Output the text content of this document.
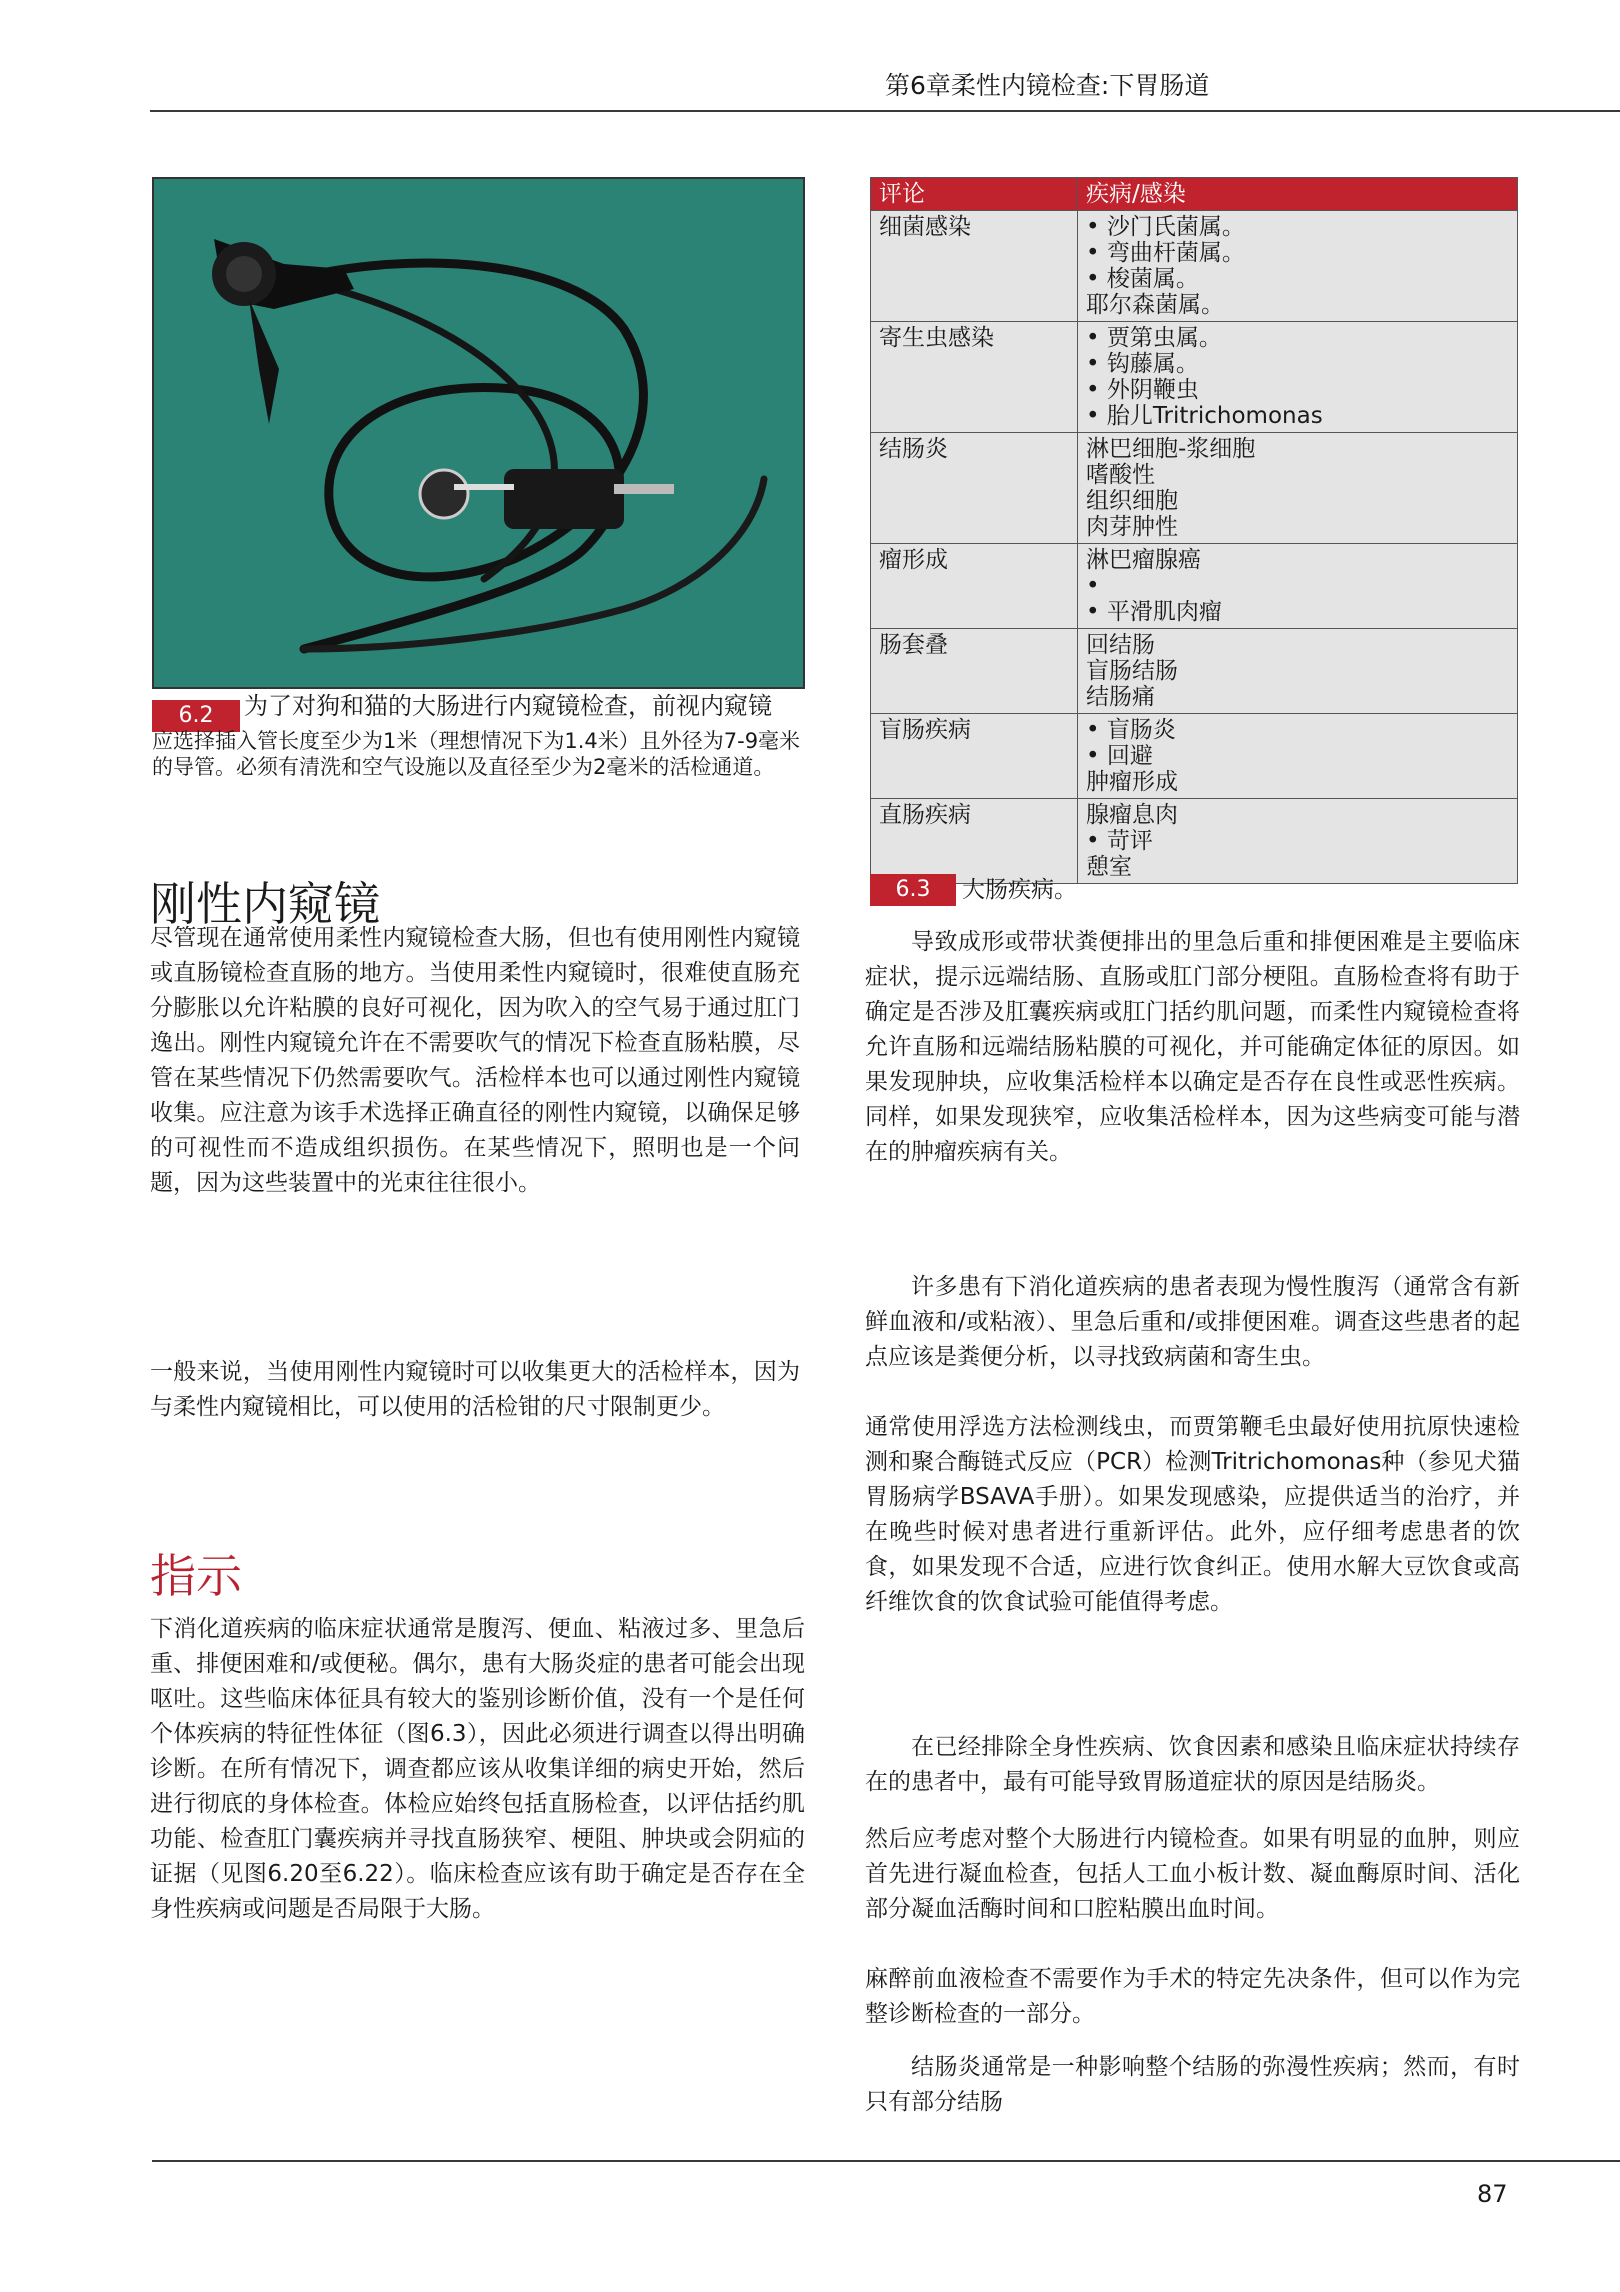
第6章柔性内镜检查:下胃肠道
6.2	为了对狗和猫的大肠进行内窥镜检查，前视内窥镜
应选择插入管长度至少为1米（理想情况下为1.4米）且外径为7-9毫米的导管。必须有清洗和空气设施以及直径至少为2毫米的活检通道。
刚性内窥镜
尽管现在通常使用柔性内窥镜检查大肠，但也有使用刚性内窥镜或直肠镜检查直肠的地方。当使用柔性内窥镜时，很难使直肠充分膨胀以允许粘膜的良好可视化，因为吹入的空气易于通过肛门逸出。刚性内窥镜允许在不需要吹气的情况下检查直肠粘膜，尽管在某些情况下仍然需要吹气。活检样本也可以通过刚性内窥镜收集。应注意为该手术选择正确直径的刚性内窥镜，以确保足够的可视性而不造成组织损伤。在某些情况下，照明也是一个问题，因为这些装置中的光束往往很小。
一般来说，当使用刚性内窥镜时可以收集更大的活检样本，因为与柔性内窥镜相比，可以使用的活检钳的尺寸限制更少。
指示
下消化道疾病的临床症状通常是腹泻、便血、粘液过多、里急后重、排便困难和/或便秘。偶尔，患有大肠炎症的患者可能会出现呕吐。这些临床体征具有较大的鉴别诊断价值，没有一个是任何个体疾病的特征性体征（图6.3），因此必须进行调查以得出明确诊断。在所有情况下，调查都应该从收集详细的病史开始，然后进行彻底的身体检查。体检应始终包括直肠检查，以评估括约肌功能、检查肛门囊疾病并寻找直肠狭窄、梗阻、肿块或会阴疝的证据（见图6.20至6.22）。临床检查应该有助于确定是否存在全身性疾病或问题是否局限于大肠。
评论	疾病/感染
细菌感染	• 沙门氏菌属。
• 弯曲杆菌属。
• 梭菌属。
耶尔森菌属。

寄生虫感染	• 贾第虫属。
• 钩藤属。
• 外阴鞭虫
• 胎儿Tritrichomonas

结肠炎	淋巴细胞-浆细胞
嗜酸性
组织细胞
肉芽肿性

瘤形成	淋巴瘤腺癌
•
• 平滑肌肉瘤

肠套叠	回结肠
盲肠结肠
结肠痛

盲肠疾病	• 盲肠炎
• 回避
肿瘤形成

直肠疾病	腺瘤息肉
• 苛评
憩室
6.3	大肠疾病。
导致成形或带状粪便排出的里急后重和排便困难是主要临床症状，提示远端结肠、直肠或肛门部分梗阻。直肠检查将有助于确定是否涉及肛囊疾病或肛门括约肌问题，而柔性内窥镜检查将允许直肠和远端结肠粘膜的可视化，并可能确定体征的原因。如果发现肿块，应收集活检样本以确定是否存在良性或恶性疾病。同样，如果发现狭窄，应收集活检样本，因为这些病变可能与潜在的肿瘤疾病有关。
许多患有下消化道疾病的患者表现为慢性腹泻（通常含有新鲜血液和/或粘液）、里急后重和/或排便困难。调查这些患者的起点应该是粪便分析，以寻找致病菌和寄生虫。
通常使用浮选方法检测线虫，而贾第鞭毛虫最好使用抗原快速检测和聚合酶链式反应（PCR）检测Tritrichomonas种（参见犬猫胃肠病学BSAVA手册）。如果发现感染，应提供适当的治疗，并在晚些时候对患者进行重新评估。此外，应仔细考虑患者的饮食，如果发现不合适，应进行饮食纠正。使用水解大豆饮食或高纤维饮食的饮食试验可能值得考虑。
在已经排除全身性疾病、饮食因素和感染且临床症状持续存在的患者中，最有可能导致胃肠道症状的原因是结肠炎。
然后应考虑对整个大肠进行内镜检查。如果有明显的血肿，则应首先进行凝血检查，包括人工血小板计数、凝血酶原时间、活化部分凝血活酶时间和口腔粘膜出血时间。
麻醉前血液检查不需要作为手术的特定先决条件，但可以作为完整诊断检查的一部分。
结肠炎通常是一种影响整个结肠的弥漫性疾病；然而，有时只有部分结肠
87
